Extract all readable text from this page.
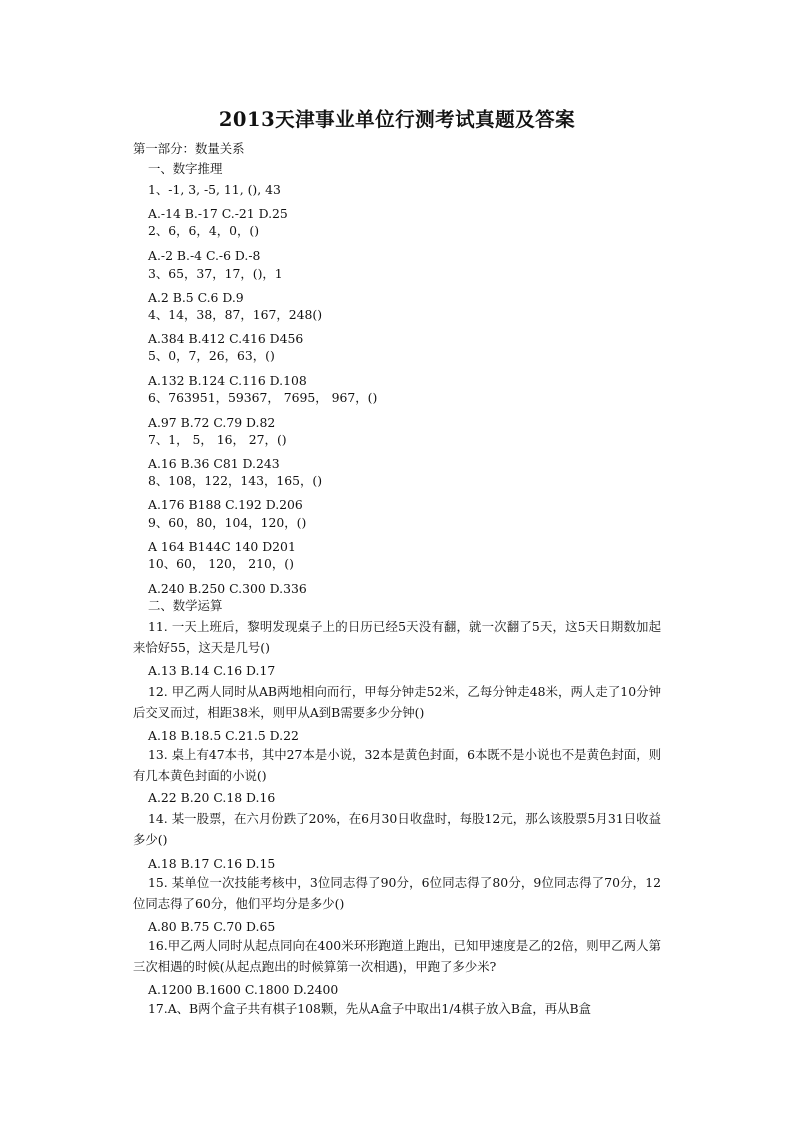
2013天津事业单位行测考试真题及答案
第一部分：数量关系
一、数字推理
1、-1, 3, -5, 11, (), 43
A.-14 B.-17 C.-21 D.25
2、6，6，4，0，()
A.-2 B.-4 C.-6 D.-8
3、65，37，17，()，1
A.2 B.5 C.6 D.9
4、14，38，87，167，248()
A.384 B.412 C.416 D456
5、0，7，26，63，()
A.132 B.124 C.116 D.108
6、763951，59367， 7695， 967，()
A.97 B.72 C.79 D.82
7、1， 5， 16， 27，()
A.16 B.36 C81 D.243
8、108，122，143，165，()
A.176 B188 C.192 D.206
9、60，80，104，120，()
A 164 B144C 140 D201
10、60， 120， 210，()
A.240 B.250 C.300 D.336
二、数学运算
11. 一天上班后，黎明发现桌子上的日历已经5天没有翻，就一次翻了5天，这5天日期数加起来恰好55，这天是几号()
A.13 B.14 C.16 D.17
12. 甲乙两人同时从AB两地相向而行，甲每分钟走52米，乙每分钟走48米，两人走了10分钟后交叉而过，相距38米，则甲从A到B需要多少分钟()
A.18 B.18.5 C.21.5 D.22
13. 桌上有47本书，其中27本是小说，32本是黄色封面，6本既不是小说也不是黄色封面，则有几本黄色封面的小说()
A.22 B.20 C.18 D.16
14. 某一股票，在六月份跌了20%，在6月30日收盘时，每股12元，那么该股票5月31日收益多少()
A.18 B.17 C.16 D.15
15. 某单位一次技能考核中，3位同志得了90分，6位同志得了80分，9位同志得了70分，12位同志得了60分，他们平均分是多少()
A.80 B.75 C.70 D.65
16.甲乙两人同时从起点同向在400米环形跑道上跑出，已知甲速度是乙的2倍，则甲乙两人第三次相遇的时候(从起点跑出的时候算第一次相遇)，甲跑了多少米?
A.1200 B.1600 C.1800 D.2400
17.A、B两个盒子共有棋子108颗，先从A盒子中取出1/4棋子放入B盒，再从B盒
